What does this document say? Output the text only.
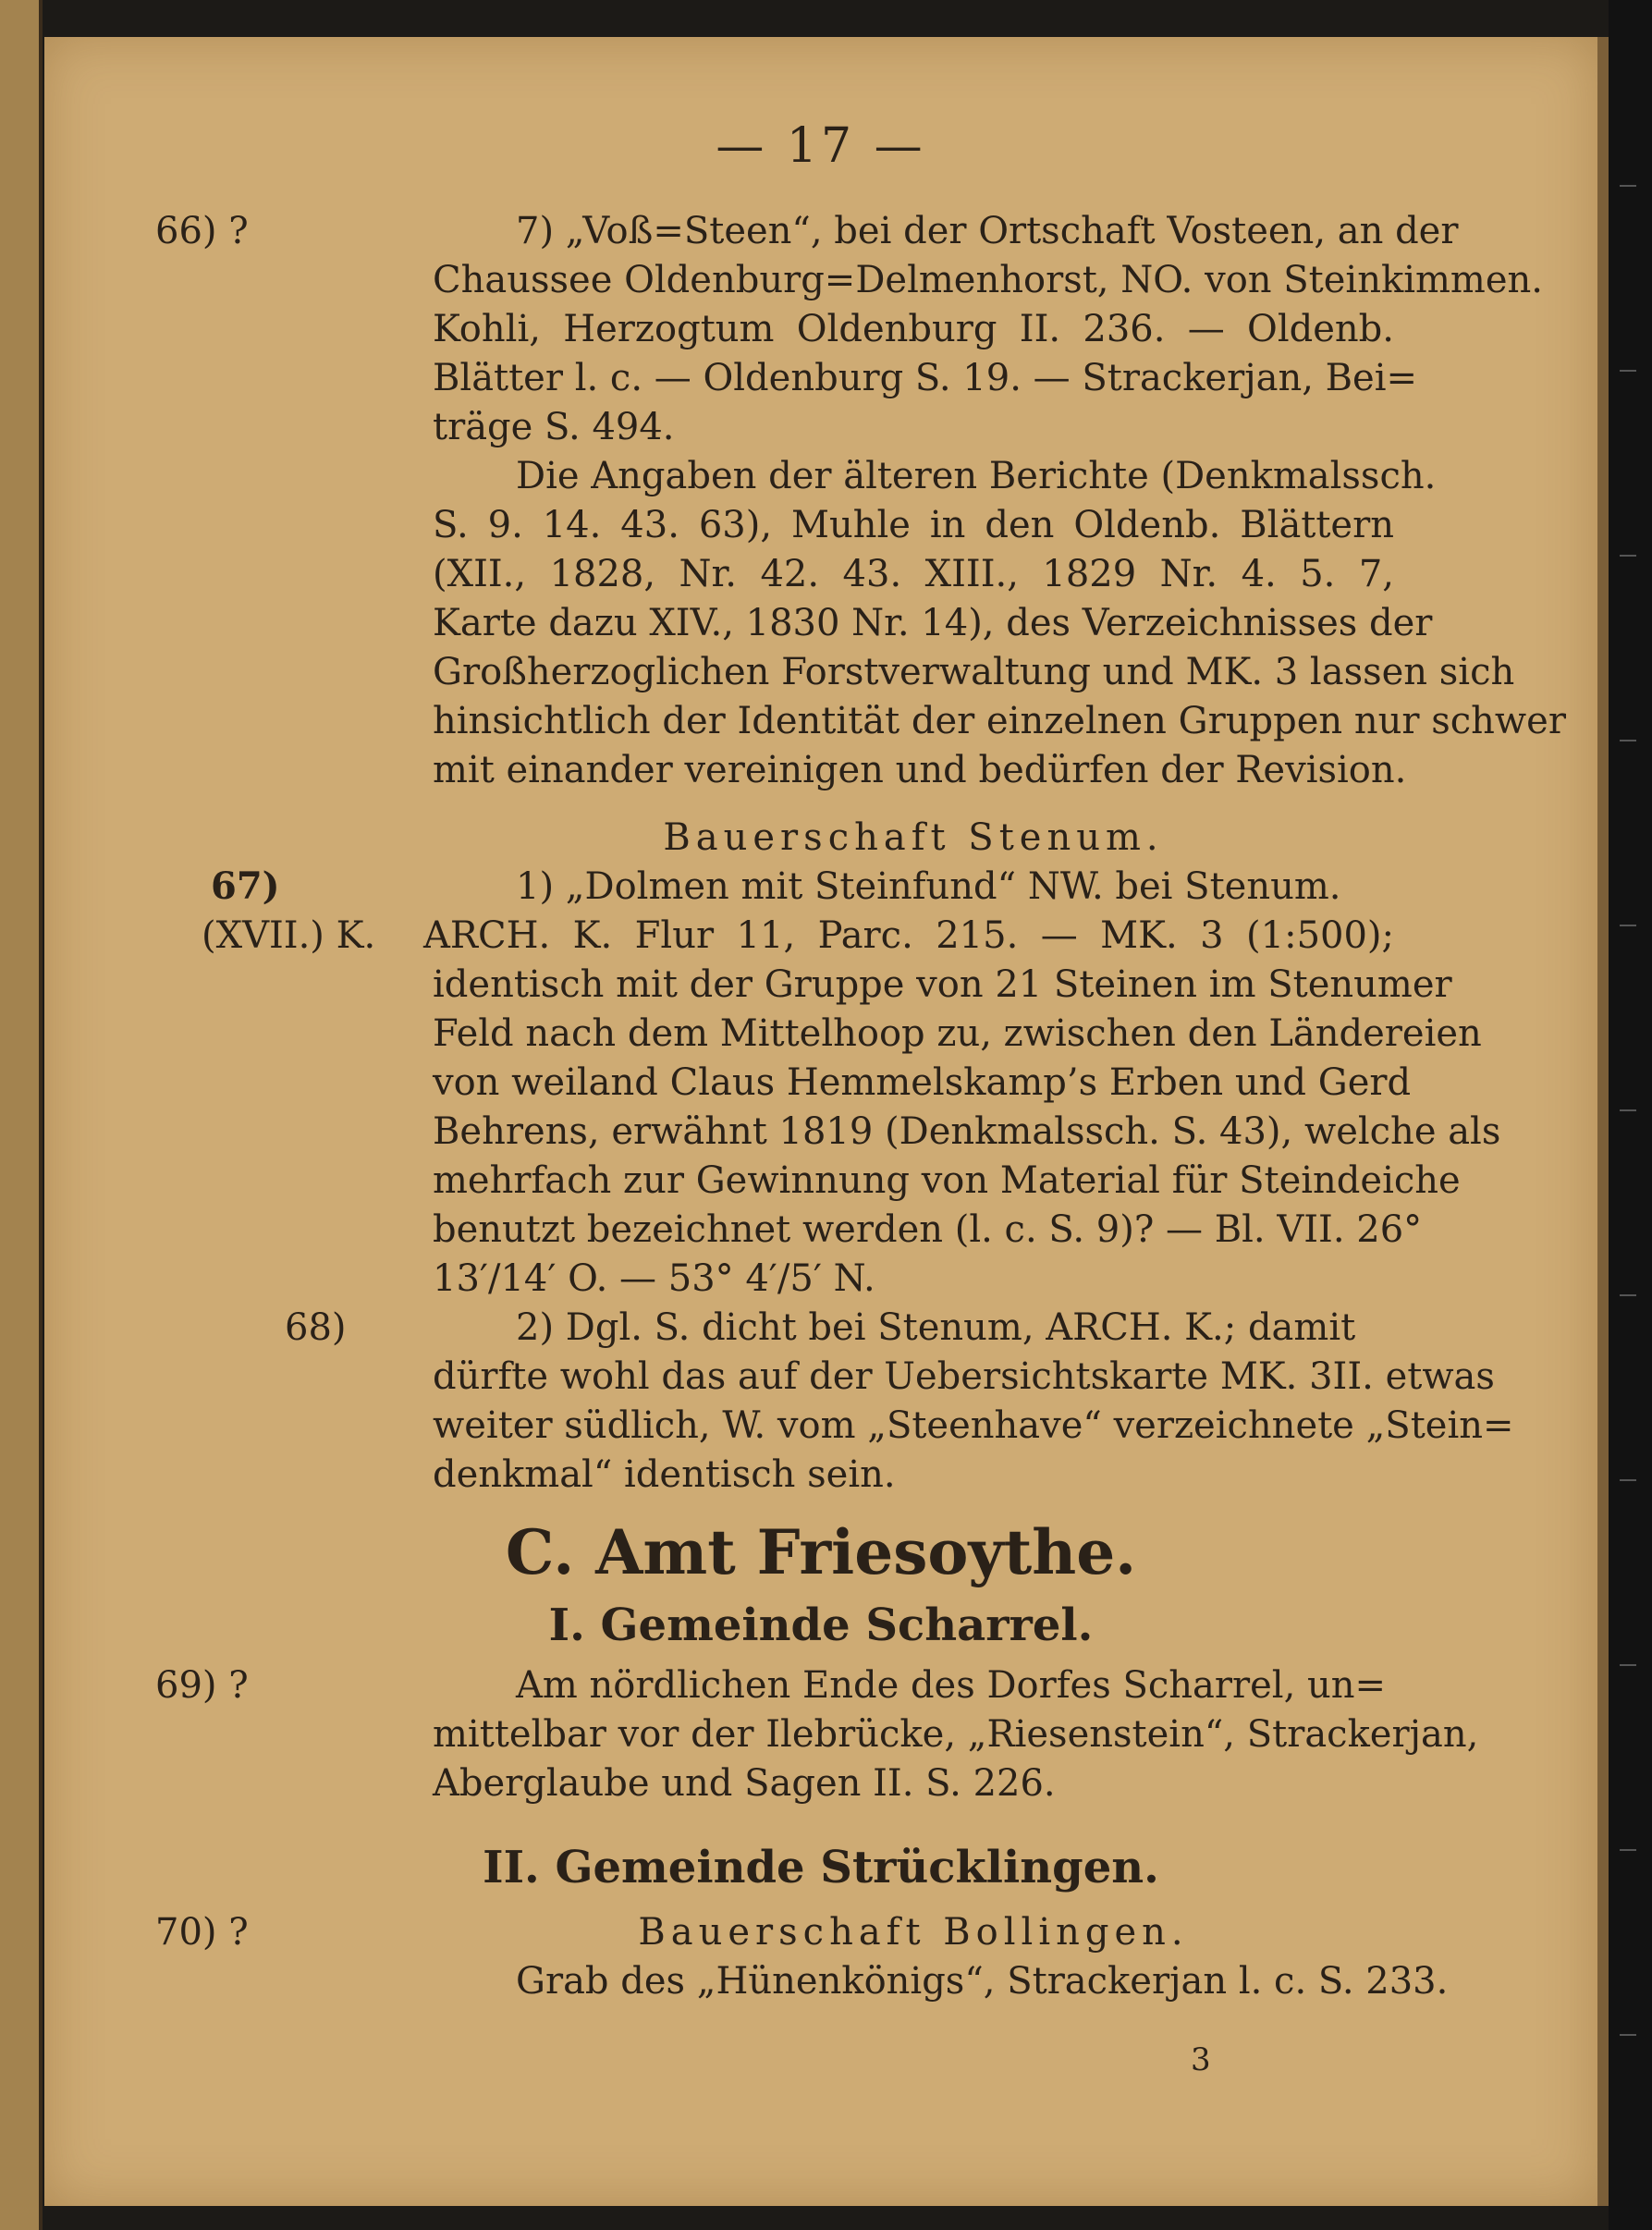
— 17 —
66) ?	7) „Voß=Steen“, bei der Ortschaft Vosteen, an der
Chaussee Oldenburg=Delmenhorst, NO. von Steinkimmen.
Kohli, Herzogtum Oldenburg II. 236. — Oldenb.
Blätter l. c. — Oldenburg S. 19. — Strackerjan, Bei=
träge S. 494.
Die Angaben der älteren Berichte (Denkmalssch.
S. 9. 14. 43. 63), Muhle in den Oldenb. Blättern
(XII., 1828, Nr. 42. 43. XIII., 1829 Nr. 4. 5. 7,
Karte dazu XIV., 1830 Nr. 14), des Verzeichnisses der
Großherzoglichen Forstverwaltung und MK. 3 lassen sich
hinsichtlich der Identität der einzelnen Gruppen nur schwer
mit einander vereinigen und bedürfen der Revision.
Bauerschaft Stenum.
67)	1) „Dolmen mit Steinfund“ NW. bei Stenum.
(XVII.) K. ARCH. K. Flur 11, Parc. 215. — MK. 3 (1:500);
identisch mit der Gruppe von 21 Steinen im Stenumer
Feld nach dem Mittelhoop zu, zwischen den Ländereien
von weiland Claus Hemmelskamp’s Erben und Gerd
Behrens, erwähnt 1819 (Denkmalssch. S. 43), welche als
mehrfach zur Gewinnung von Material für Steindeiche
benutzt bezeichnet werden (l. c. S. 9)? — Bl. VII. 26°
13′/14′ O. — 53° 4′/5′ N.
68)	2) Dgl. S. dicht bei Stenum, ARCH. K.; damit
dürfte wohl das auf der Uebersichtskarte MK. 3II. etwas
weiter südlich, W. vom „Steenhave“ verzeichnete „Stein=
denkmal“ identisch sein.
C. Amt Friesoythe.
I. Gemeinde Scharrel.
69) ?	Am nördlichen Ende des Dorfes Scharrel, un=
mittelbar vor der Ilebrücke, „Riesenstein“, Strackerjan,
Aberglaube und Sagen II. S. 226.
II. Gemeinde Strücklingen.
70) ?	Bauerschaft Bollingen.
Grab des „Hünenkönigs“, Strackerjan l. c. S. 233.
3
